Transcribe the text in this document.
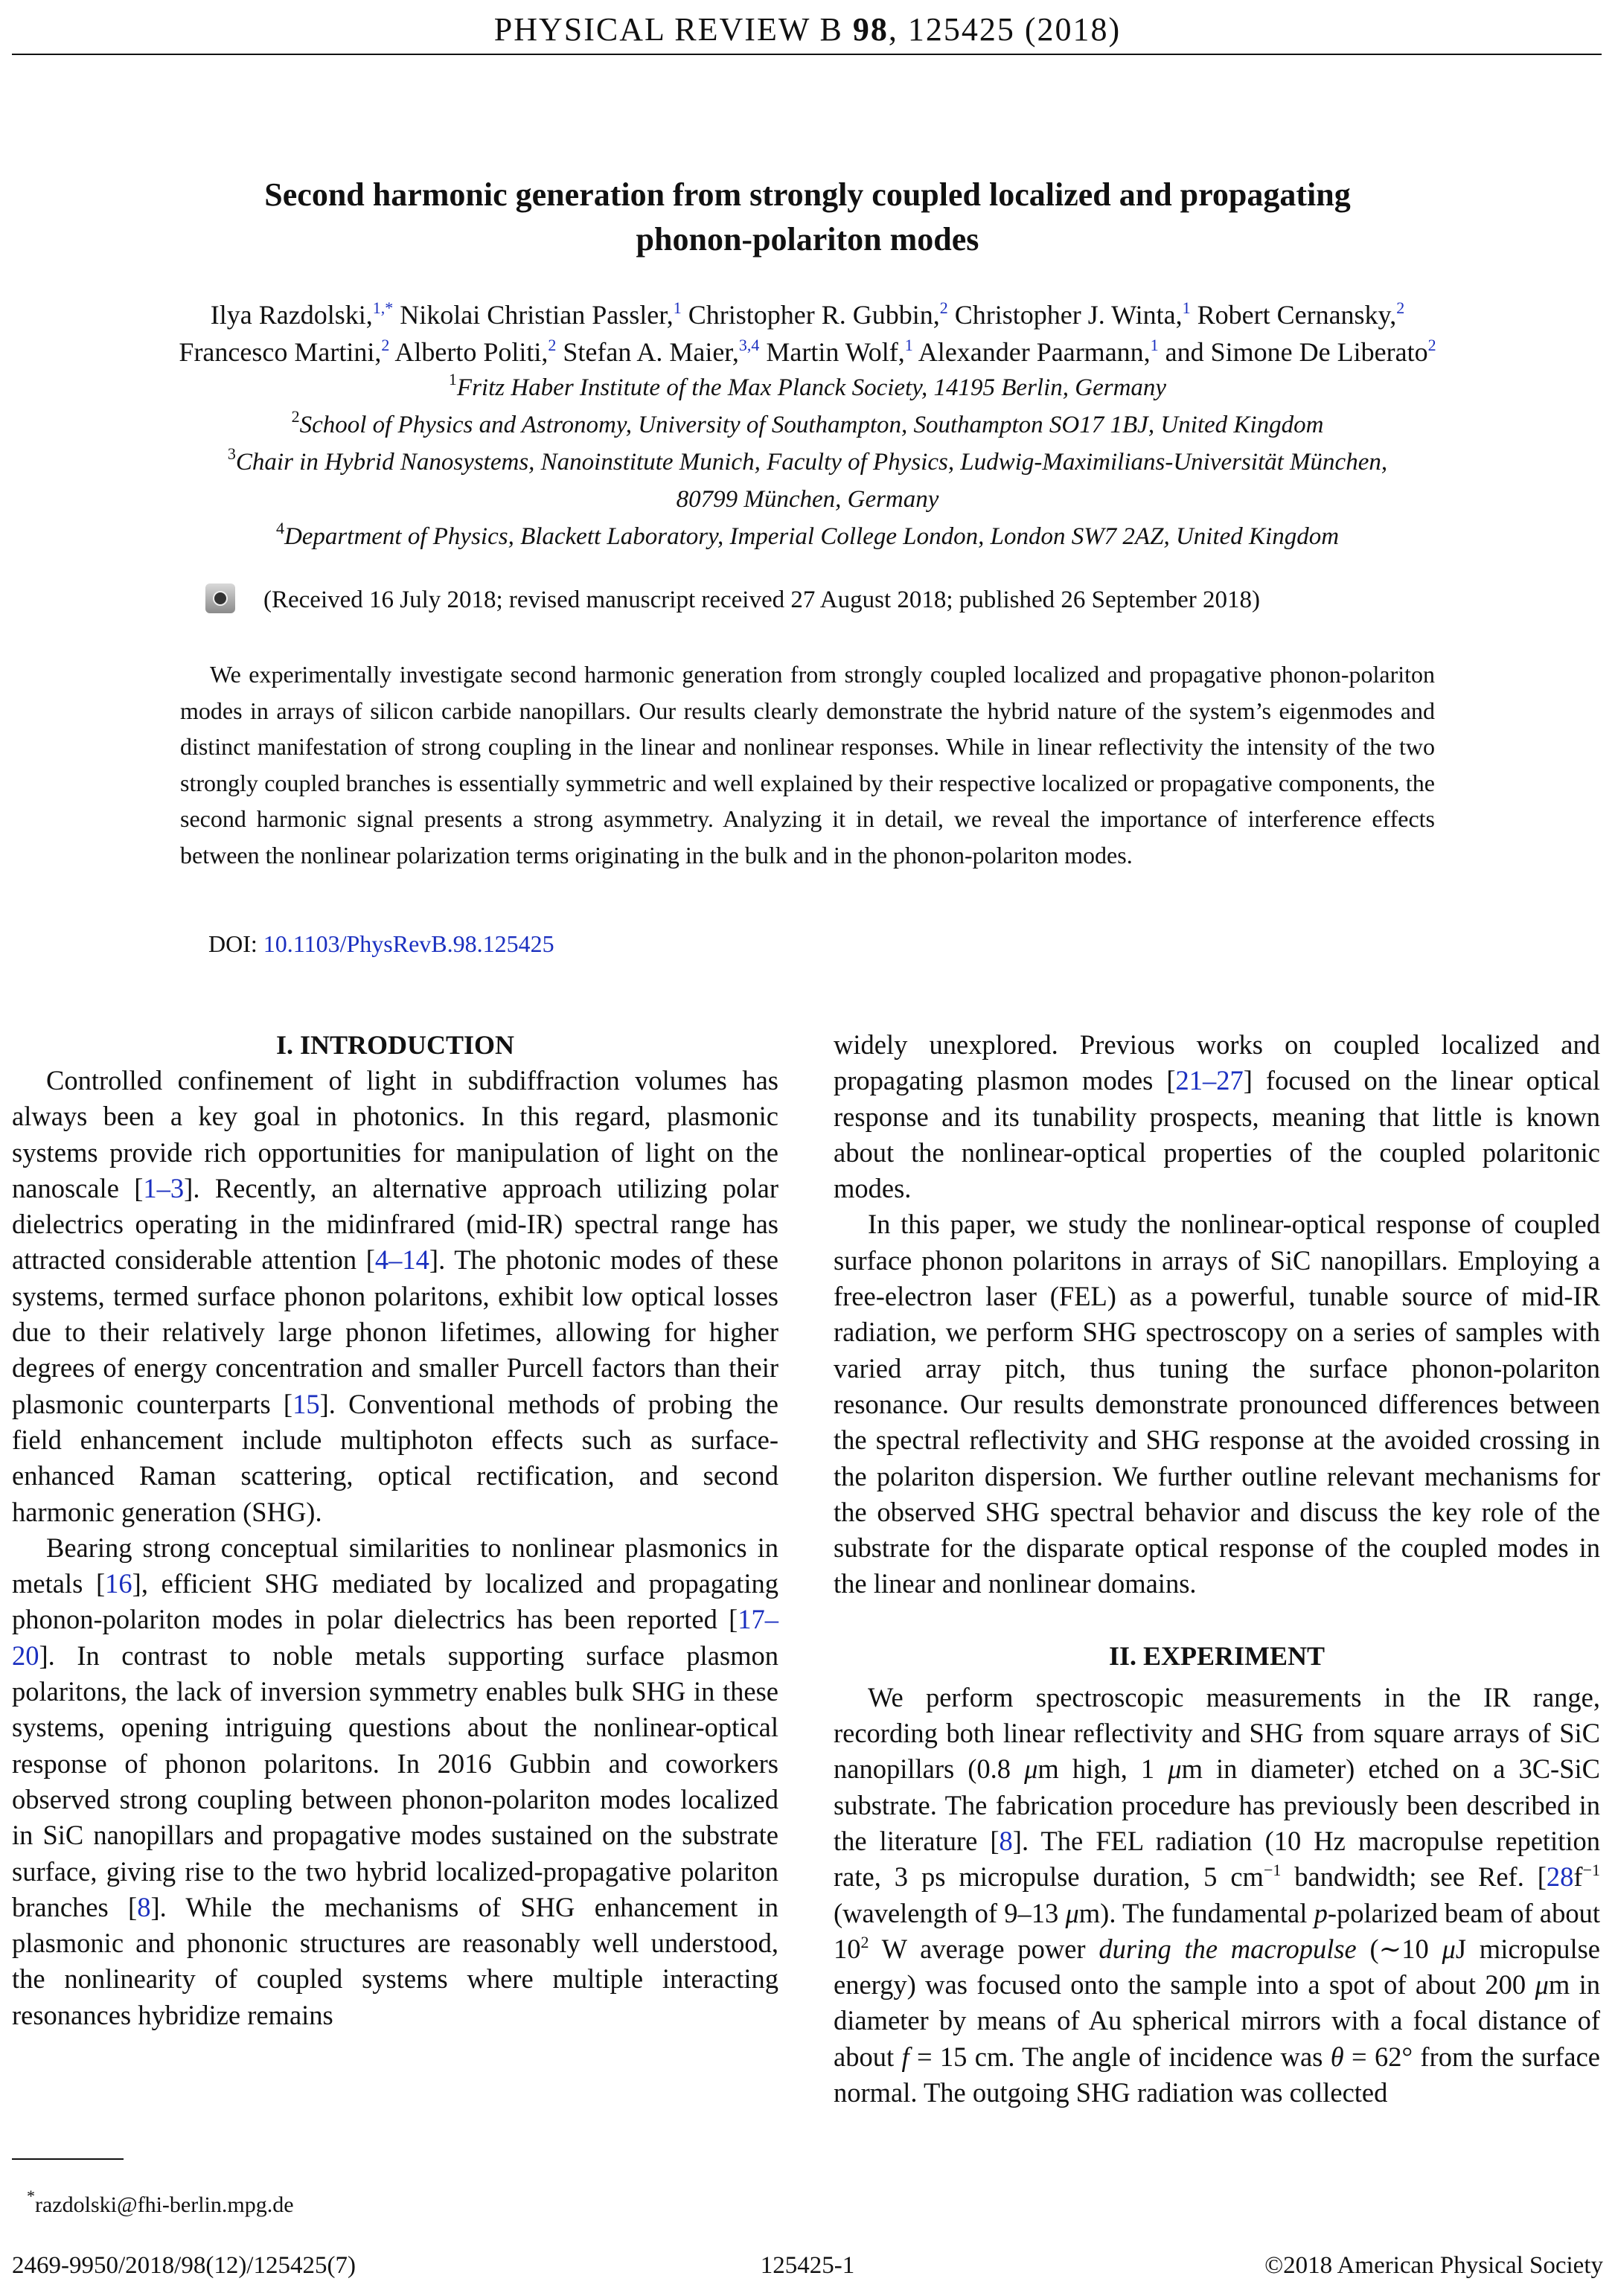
PHYSICAL REVIEW B 98, 125425 (2018)
Second harmonic generation from strongly coupled localized and propagating
phonon-polariton modes
Ilya Razdolski,$^{1,*}$ Nikolai Christian Passler,$^1$ Christopher R. Gubbin,$^2$ Christopher J. Winta,$^1$ Robert Cernansky,$^2$
Francesco Martini,$^2$ Alberto Politi,$^2$ Stefan A. Maier,$^{3,4}$ Martin Wolf,$^1$ Alexander Paarmann,$^1$ and Simone De Liberato$^2$
$^1$Fritz Haber Institute of the Max Planck Society, 14195 Berlin, Germany
$^2$School of Physics and Astronomy, University of Southampton, Southampton SO17 1BJ, United Kingdom
$^3$Chair in Hybrid Nanosystems, Nanoinstitute Munich, Faculty of Physics, Ludwig-Maximilians-Universität München,
80799 München, Germany
$^4$Department of Physics, Blackett Laboratory, Imperial College London, London SW7 2AZ, United Kingdom
(Received 16 July 2018; revised manuscript received 27 August 2018; published 26 September 2018)
We experimentally investigate second harmonic generation from strongly coupled localized and propagative phonon-polariton modes in arrays of silicon carbide nanopillars. Our results clearly demonstrate the hybrid nature of the system’s eigenmodes and distinct manifestation of strong coupling in the linear and nonlinear responses. While in linear reflectivity the intensity of the two strongly coupled branches is essentially symmetric and well explained by their respective localized or propagative components, the second harmonic signal presents a strong asymmetry. Analyzing it in detail, we reveal the importance of interference effects between the nonlinear polarization terms originating in the bulk and in the phonon-polariton modes.
DOI: 10.1103/PhysRevB.98.125425
I. INTRODUCTION

Controlled confinement of light in subdiffraction volumes has always been a key goal in photonics. In this regard, plasmonic systems provide rich opportunities for manipulation of light on the nanoscale [1–3]. Recently, an alternative approach utilizing polar dielectrics operating in the midinfrared (mid-IR) spectral range has attracted considerable attention [4–14]. The photonic modes of these systems, termed surface phonon polaritons, exhibit low optical losses due to their relatively large phonon lifetimes, allowing for higher degrees of energy concentration and smaller Purcell factors than their plasmonic counterparts [15]. Conventional methods of probing the field enhancement include multiphoton effects such as surface-enhanced Raman scattering, optical rectification, and second harmonic generation (SHG).

Bearing strong conceptual similarities to nonlinear plasmonics in metals [16], efficient SHG mediated by localized and propagating phonon-polariton modes in polar dielectrics has been reported [17–20]. In contrast to noble metals supporting surface plasmon polaritons, the lack of inversion symmetry enables bulk SHG in these systems, opening intriguing questions about the nonlinear-optical response of phonon polaritons. In 2016 Gubbin and coworkers observed strong coupling between phonon-polariton modes localized in SiC nanopillars and propagative modes sustained on the substrate surface, giving rise to the two hybrid localized-propagative polariton branches [8]. While the mechanisms of SHG enhancement in plasmonic and phononic structures are reasonably well understood, the nonlinearity of coupled systems where multiple interacting resonances hybridize remains

widely unexplored. Previous works on coupled localized and propagating plasmon modes [21–27] focused on the linear optical response and its tunability prospects, meaning that little is known about the nonlinear-optical properties of the coupled polaritonic modes.

In this paper, we study the nonlinear-optical response of coupled surface phonon polaritons in arrays of SiC nanopillars. Employing a free-electron laser (FEL) as a powerful, tunable source of mid-IR radiation, we perform SHG spectroscopy on a series of samples with varied array pitch, thus tuning the surface phonon-polariton resonance. Our results demonstrate pronounced differences between the spectral reflectivity and SHG response at the avoided crossing in the polariton dispersion. We further outline relevant mechanisms for the observed SHG spectral behavior and discuss the key role of the substrate for the disparate optical response of the coupled modes in the linear and nonlinear domains.

II. EXPERIMENT

We perform spectroscopic measurements in the IR range, recording both linear reflectivity and SHG from square arrays of SiC nanopillars (0.8 μm high, 1 μm in diameter) etched on a 3C-SiC substrate. The fabrication procedure has previously been described in the literature [8]. The FEL radiation (10 Hz macropulse repetition rate, 3 ps micropulse duration, 5 $cm^{-1}$ bandwidth; see Ref. [$28f^{-1}$ (wavelength of 9–13 μm). The fundamental p-polarized beam of about $10^2$ W average power during the macropulse (∼10 μJ micropulse energy) was focused onto the sample into a spot of about 200 μm in diameter by means of Au spherical mirrors with a focal distance of about f = 15 cm. The angle of incidence was θ = 62° from the surface normal. The outgoing SHG radiation was collected

*razdolski@fhi-berlin.mpg.de
2469-9950/2018/98(12)/125425(7)	125425-1	©2018 American Physical Society
